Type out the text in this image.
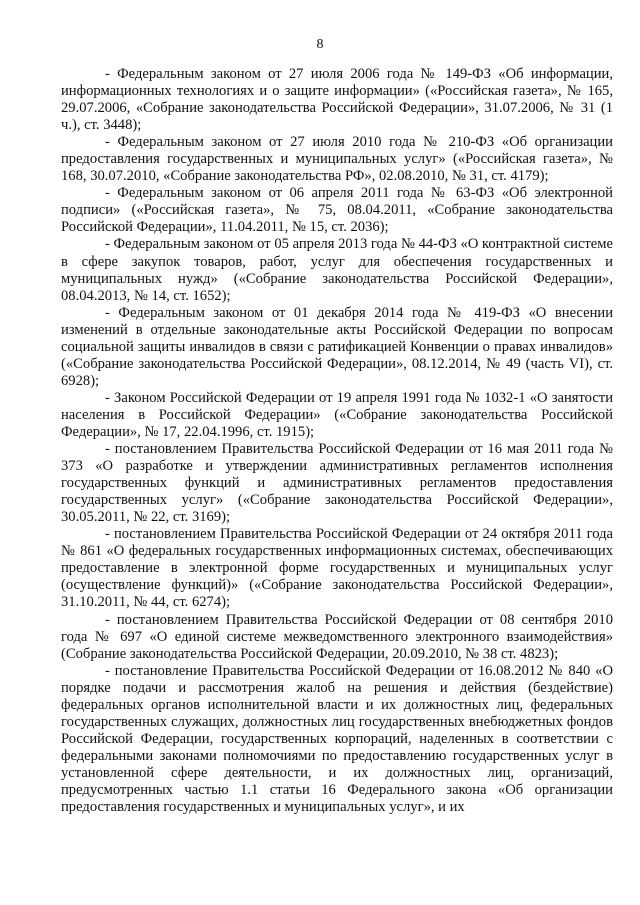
8

- Федеральным законом от 27 июля 2006 года № 149-ФЗ «Об информации, информационных технологиях и о защите информации» («Российская газета», № 165, 29.07.2006, «Собрание законодательства Российской Федерации», 31.07.2006, № 31 (1 ч.), ст. 3448);

- Федеральным законом от 27 июля 2010 года № 210-ФЗ «Об организации предоставления государственных и муниципальных услуг» («Российская газета», № 168, 30.07.2010, «Собрание законодательства РФ», 02.08.2010, № 31, ст. 4179);

- Федеральным законом от 06 апреля 2011 года № 63-ФЗ «Об электронной подписи» («Российская газета», № 75, 08.04.2011, «Собрание законодательства Российской Федерации», 11.04.2011, № 15, ст. 2036);

- Федеральным законом от 05 апреля 2013 года № 44-ФЗ «О контрактной системе в сфере закупок товаров, работ, услуг для обеспечения государственных и муниципальных нужд» («Собрание законодательства Российской Федерации», 08.04.2013, № 14, ст. 1652);

- Федеральным законом от 01 декабря 2014 года № 419-ФЗ «О внесении изменений в отдельные законодательные акты Российской Федерации по вопросам социальной защиты инвалидов в связи с ратификацией Конвенции о правах инвалидов» («Собрание законодательства Российской Федерации», 08.12.2014, № 49 (часть VI), ст. 6928);

- Законом Российской Федерации от 19 апреля 1991 года № 1032-1 «О занятости населения в Российской Федерации» («Собрание законодательства Российской Федерации», № 17, 22.04.1996, ст. 1915);

- постановлением Правительства Российской Федерации от 16 мая 2011 года № 373 «О разработке и утверждении административных регламентов исполнения государственных функций и административных регламентов предоставления государственных услуг» («Собрание законодательства Российской Федерации», 30.05.2011, № 22, ст. 3169);

- постановлением Правительства Российской Федерации от 24 октября 2011 года № 861 «О федеральных государственных информационных системах, обеспечивающих предоставление в электронной форме государственных и муниципальных услуг (осуществление функций)» («Собрание законодательства Российской Федерации», 31.10.2011, № 44, ст. 6274);

- постановлением Правительства Российской Федерации от 08 сентября 2010 года № 697 «О единой системе межведомственного электронного взаимодействия» (Собрание законодательства Российской Федерации, 20.09.2010, № 38 ст. 4823);

- постановление Правительства Российской Федерации от 16.08.2012 № 840 «О порядке подачи и рассмотрения жалоб на решения и действия (бездействие) федеральных органов исполнительной власти и их должностных лиц, федеральных государственных служащих, должностных лиц государственных внебюджетных фондов Российской Федерации, государственных корпораций, наделенных в соответствии с федеральными законами полномочиями по предоставлению государственных услуг в установленной сфере деятельности, и их должностных лиц, организаций, предусмотренных частью 1.1 статьи 16 Федерального закона «Об организации предоставления государственных и муниципальных услуг», и их
